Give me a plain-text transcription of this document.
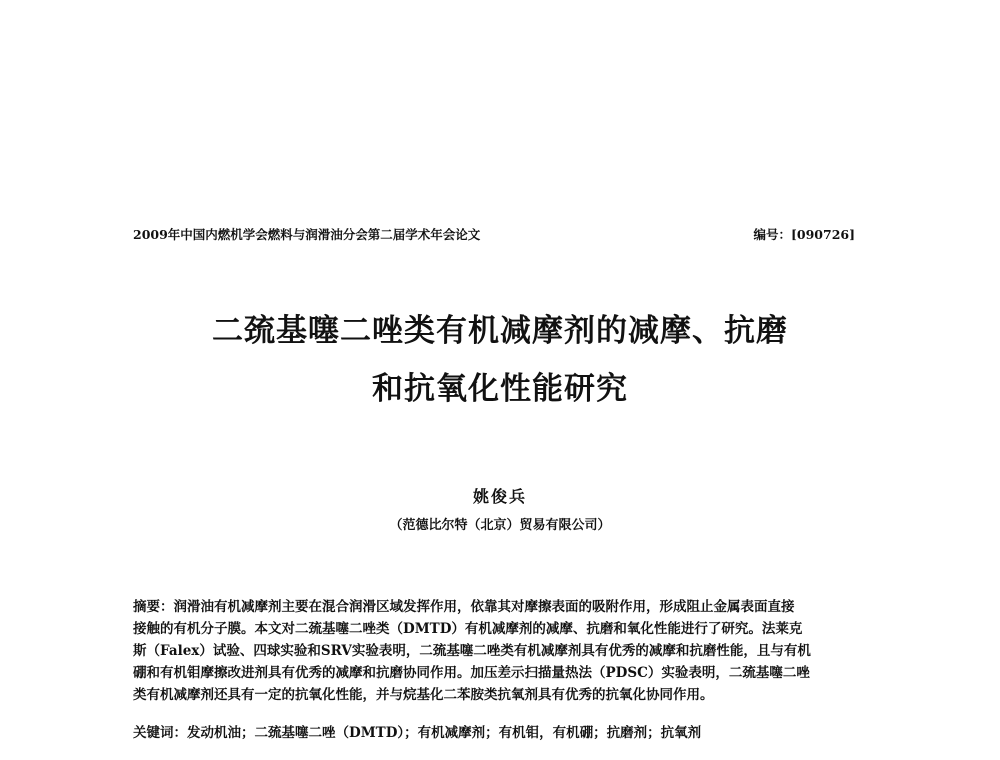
2009年中国内燃机学会燃料与润滑油分会第二届学术年会论文	编号：[090726]
二巯基噻二唑类有机减摩剂的减摩、抗磨
和抗氧化性能研究
姚俊兵
（范德比尔特（北京）贸易有限公司）
摘要：润滑油有机减摩剂主要在混合润滑区域发挥作用，依靠其对摩擦表面的吸附作用，形成阻止金属表面直接
接触的有机分子膜。本文对二巯基噻二唑类（DMTD）有机减摩剂的减摩、抗磨和氧化性能进行了研究。法莱克
斯（Falex）试验、四球实验和SRV实验表明，二巯基噻二唑类有机减摩剂具有优秀的减摩和抗磨性能，且与有机
硼和有机钼摩擦改进剂具有优秀的减摩和抗磨协同作用。加压差示扫描量热法（PDSC）实验表明，二巯基噻二唑
类有机减摩剂还具有一定的抗氧化性能，并与烷基化二苯胺类抗氧剂具有优秀的抗氧化协同作用。
关键词：发动机油；二巯基噻二唑（DMTD）；有机减摩剂；有机钼，有机硼；抗磨剂；抗氧剂
